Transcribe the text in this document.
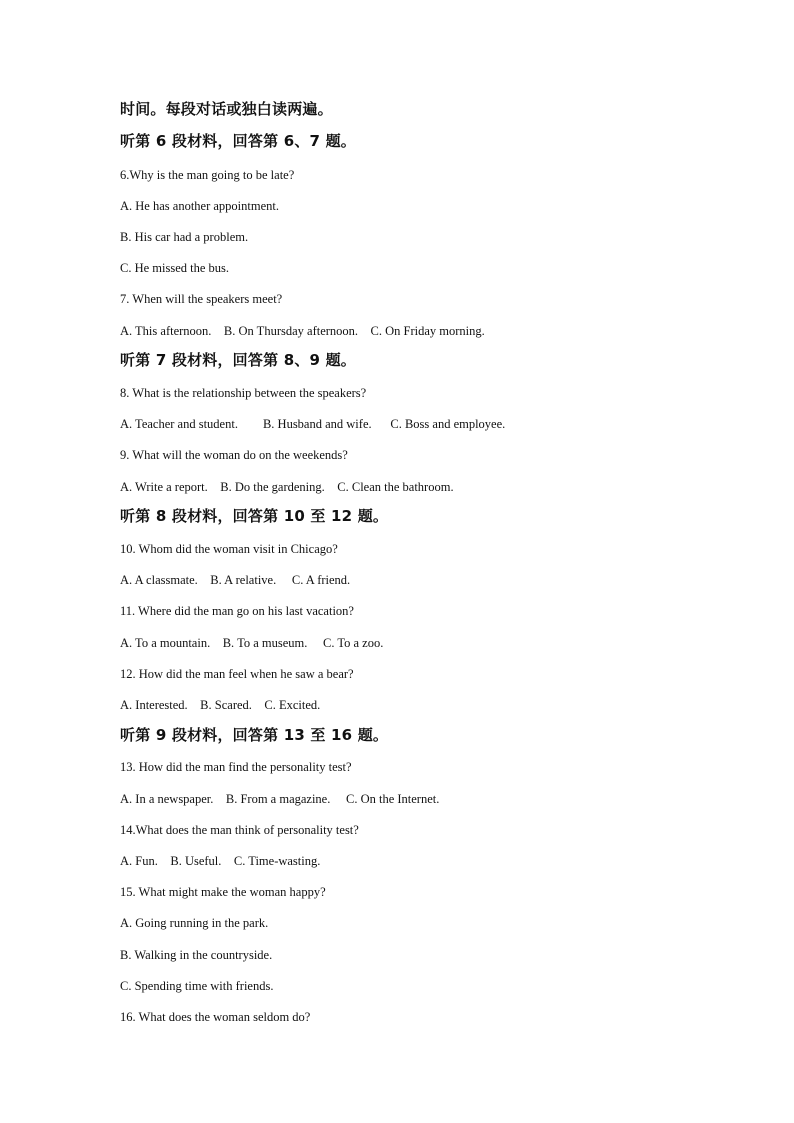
时间。每段对话或独白读两遍。
听第 6 段材料，回答第 6、7 题。
6.Why is the man going to be late?
A. He has another appointment.
B. His car had a problem.
C. He missed the bus.
7. When will the speakers meet?
A. This afternoon.    B. On Thursday afternoon.    C. On Friday morning.
听第 7 段材料，回答第 8、9 题。
8. What is the relationship between the speakers?
A. Teacher and student.        B. Husband and wife.      C. Boss and employee.
9. What will the woman do on the weekends?
A. Write a report.    B. Do the gardening.    C. Clean the bathroom.
听第 8 段材料，回答第 10 至 12 题。
10. Whom did the woman visit in Chicago?
A. A classmate.    B. A relative.     C. A friend.
11. Where did the man go on his last vacation?
A. To a mountain.    B. To a museum.     C. To a zoo.
12. How did the man feel when he saw a bear?
A. Interested.    B. Scared.    C. Excited.
听第 9 段材料，回答第 13 至 16 题。
13. How did the man find the personality test?
A. In a newspaper.    B. From a magazine.     C. On the Internet.
14.What does the man think of personality test?
A. Fun.    B. Useful.    C. Time-wasting.
15. What might make the woman happy?
A. Going running in the park.
B. Walking in the countryside.
C. Spending time with friends.
16. What does the woman seldom do?
